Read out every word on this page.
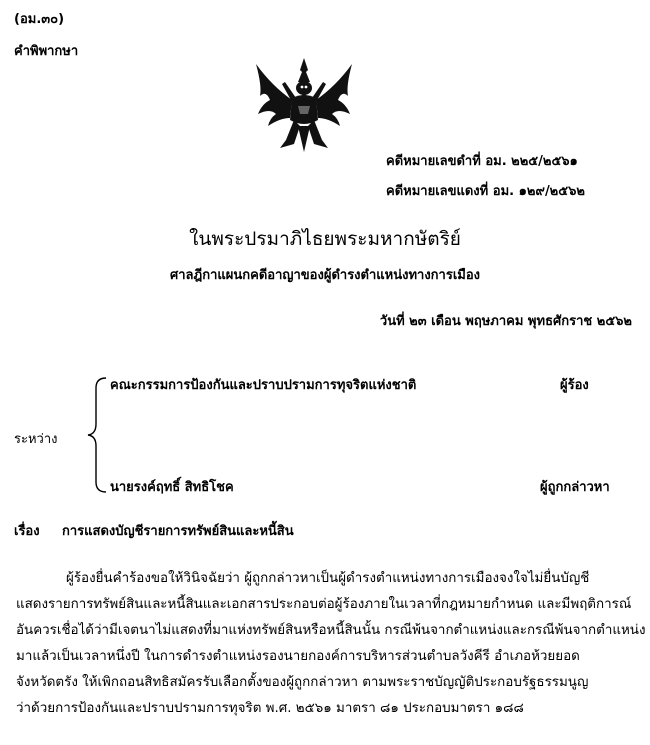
(อม.๓๐)
คำพิพากษา
คดีหมายเลขดำที่ อม. ๒๒๕/๒๕๖๑
คดีหมายเลขแดงที่ อม. ๑๒๙/๒๕๖๒
ในพระปรมาภิไธยพระมหากษัตริย์
ศาลฎีกาแผนกคดีอาญาของผู้ดำรงตำแหน่งทางการเมือง
วันที่ ๒๓ เดือน พฤษภาคม พุทธศักราช ๒๕๖๒
ระหว่าง
คณะกรรมการป้องกันและปราบปรามการทุจริตแห่งชาติ	ผู้ร้อง
นายรงค์ฤทธิ์ สิทธิโชค	ผู้ถูกกล่าวหา
เรื่อง การแสดงบัญชีรายการทรัพย์สินและหนี้สิน

ผู้ร้องยื่นคำร้องขอให้วินิจฉัยว่า ผู้ถูกกล่าวหาเป็นผู้ดำรงตำแหน่งทางการเมืองจงใจไม่ยื่นบัญชี

แสดงรายการทรัพย์สินและหนี้สินและเอกสารประกอบต่อผู้ร้องภายในเวลาที่กฎหมายกำหนด และมีพฤติการณ์

อันควรเชื่อได้ว่ามีเจตนาไม่แสดงที่มาแห่งทรัพย์สินหรือหนี้สินนั้น กรณีพ้นจากตำแหน่งและกรณีพ้นจากตำแหน่ง

มาแล้วเป็นเวลาหนึ่งปี ในการดำรงตำแหน่งรองนายกองค์การบริหารส่วนตำบลวังคีรี อำเภอห้วยยอด

จังหวัดตรัง ให้เพิกถอนสิทธิสมัครรับเลือกตั้งของผู้ถูกกล่าวหา ตามพระราชบัญญัติประกอบรัฐธรรมนูญ

ว่าด้วยการป้องกันและปราบปรามการทุจริต พ.ศ. ๒๕๖๑ มาตรา ๘๑ ประกอบมาตรา ๑๘๘
